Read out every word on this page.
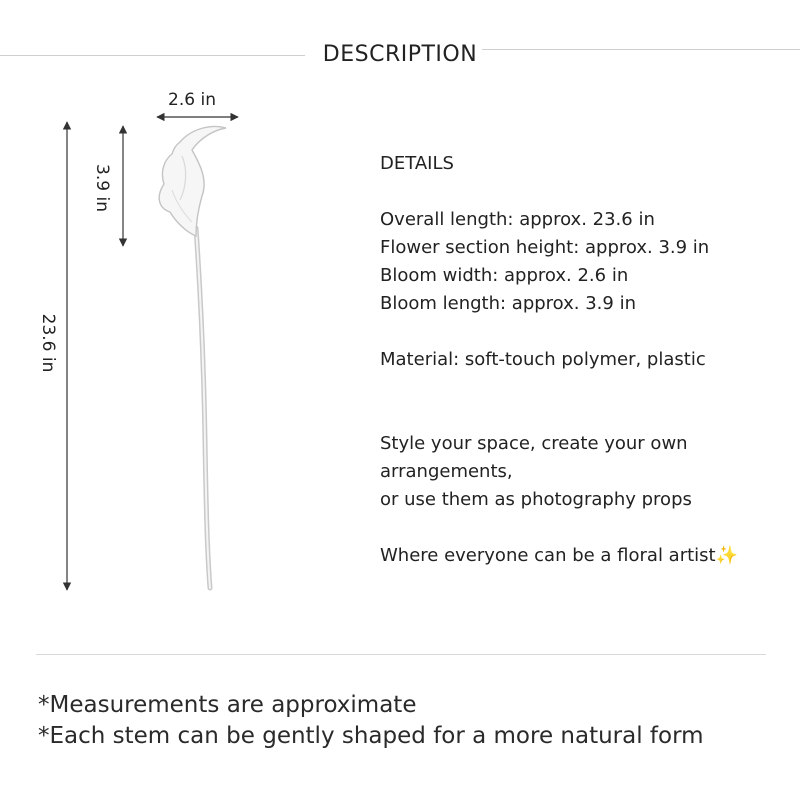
DESCRIPTION
2.6 in
3.9 in
23.6 in
DETAILS
Overall length: approx. 23.6 in
Flower section height: approx. 3.9 in
Bloom width: approx. 2.6 in
Bloom length: approx. 3.9 in
Material: soft-touch polymer, plastic
Style your space, create your own arrangements,
or use them as photography props
Where everyone can be a floral artist✨
*Measurements are approximate
*Each stem can be gently shaped for a more natural form
